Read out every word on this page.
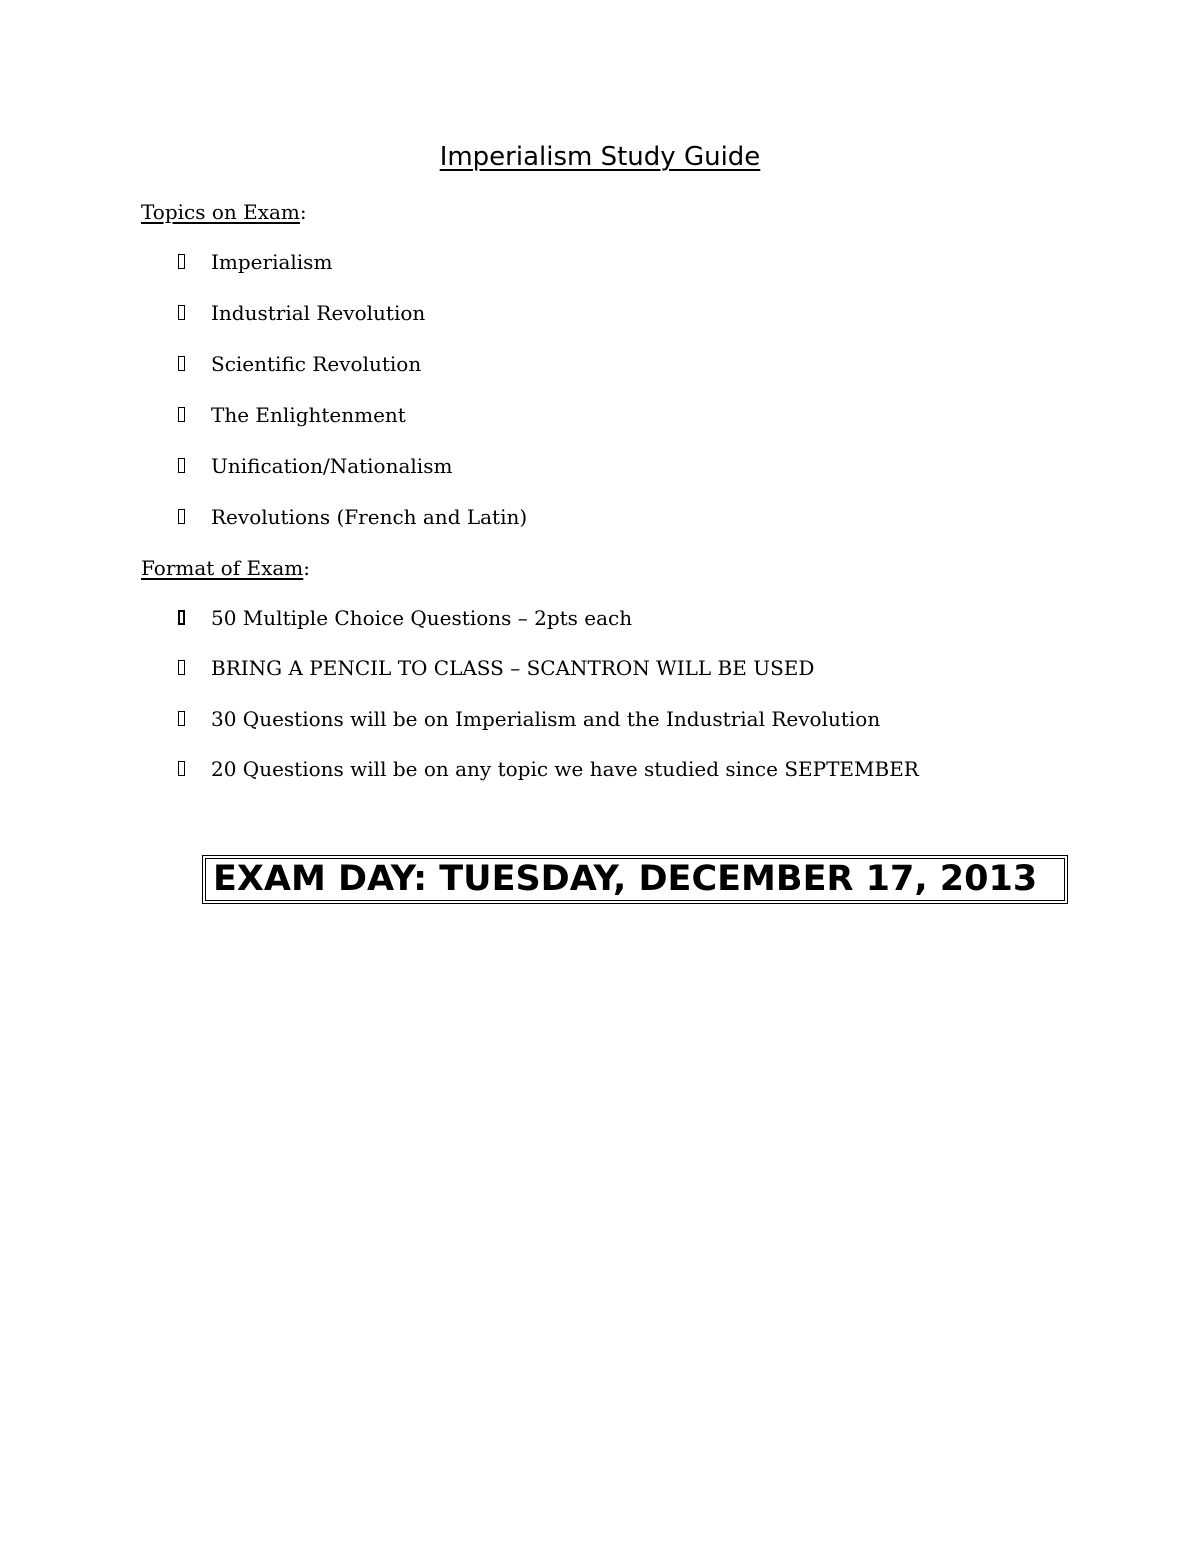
Imperialism Study Guide
Topics on Exam:
Imperialism
Industrial Revolution
Scientific Revolution
The Enlightenment
Unification/Nationalism
Revolutions (French and Latin)
Format of Exam:
50 Multiple Choice Questions – 2pts each
BRING A PENCIL TO CLASS – SCANTRON WILL BE USED
30 Questions will be on Imperialism and the Industrial Revolution
20 Questions will be on any topic we have studied since SEPTEMBER
EXAM DAY: TUESDAY, DECEMBER 17, 2013
